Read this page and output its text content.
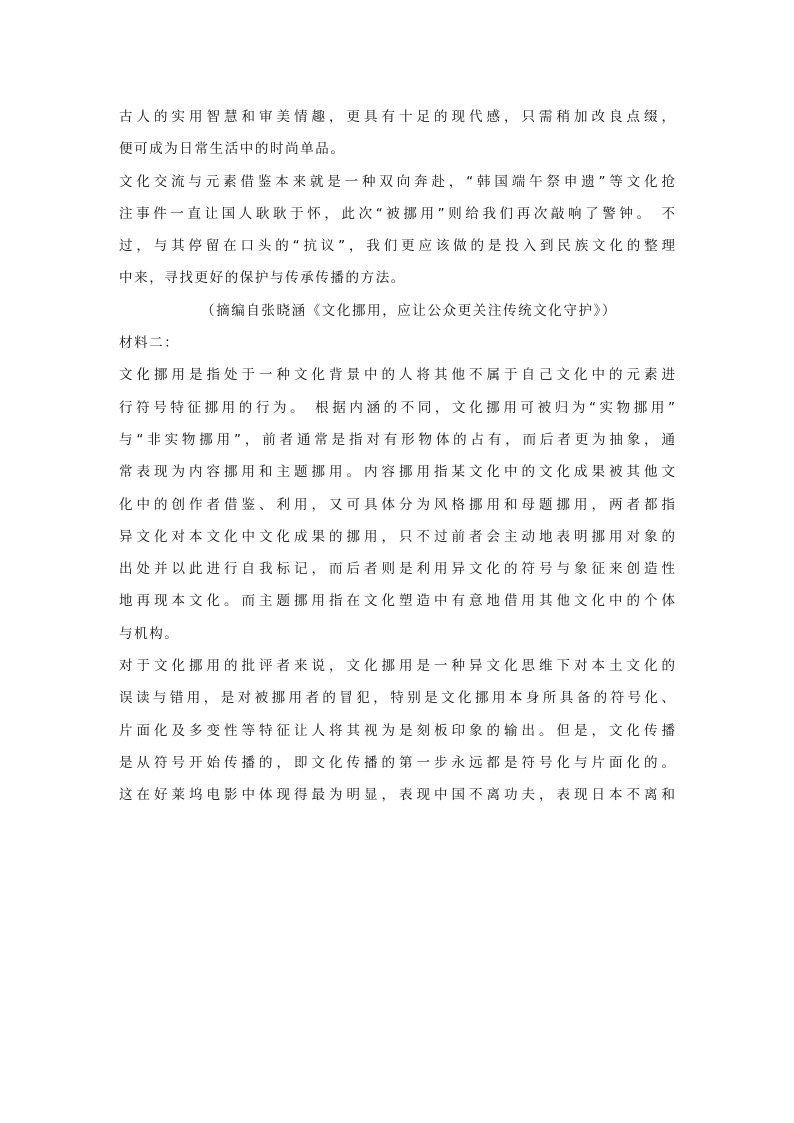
古人的实用智慧和审美情趣，更具有十足的现代感，只需稍加改良点缀，
便可成为日常生活中的时尚单品。
文化交流与元素借鉴本来就是一种双向奔赴，“韩国端午祭申遗”等文化抢
注事件一直让国人耿耿于怀，此次“被挪用”则给我们再次敲响了警钟。 不
过，与其停留在口头的“抗议”，我们更应该做的是投入到民族文化的整理
中来，寻找更好的保护与传承传播的方法。
（摘编自张晓涵《文化挪用，应让公众更关注传统文化守护》）
材料二：
文化挪用是指处于一种文化背景中的人将其他不属于自己文化中的元素进
行符号特征挪用的行为。 根据内涵的不同，文化挪用可被归为“实物挪用”
与“非实物挪用”，前者通常是指对有形物体的占有，而后者更为抽象，通
常表现为内容挪用和主题挪用。内容挪用指某文化中的文化成果被其他文
化中的创作者借鉴、利用，又可具体分为风格挪用和母题挪用，两者都指
异文化对本文化中文化成果的挪用，只不过前者会主动地表明挪用对象的
出处并以此进行自我标记，而后者则是利用异文化的符号与象征来创造性
地再现本文化。而主题挪用指在文化塑造中有意地借用其他文化中的个体
与机构。
对于文化挪用的批评者来说，文化挪用是一种异文化思维下对本土文化的
误读与错用，是对被挪用者的冒犯，特别是文化挪用本身所具备的符号化、
片面化及多变性等特征让人将其视为是刻板印象的输出。但是，文化传播
是从符号开始传播的，即文化传播的第一步永远都是符号化与片面化的。
这在好莱坞电影中体现得最为明显，表现中国不离功夫，表现日本不离和
